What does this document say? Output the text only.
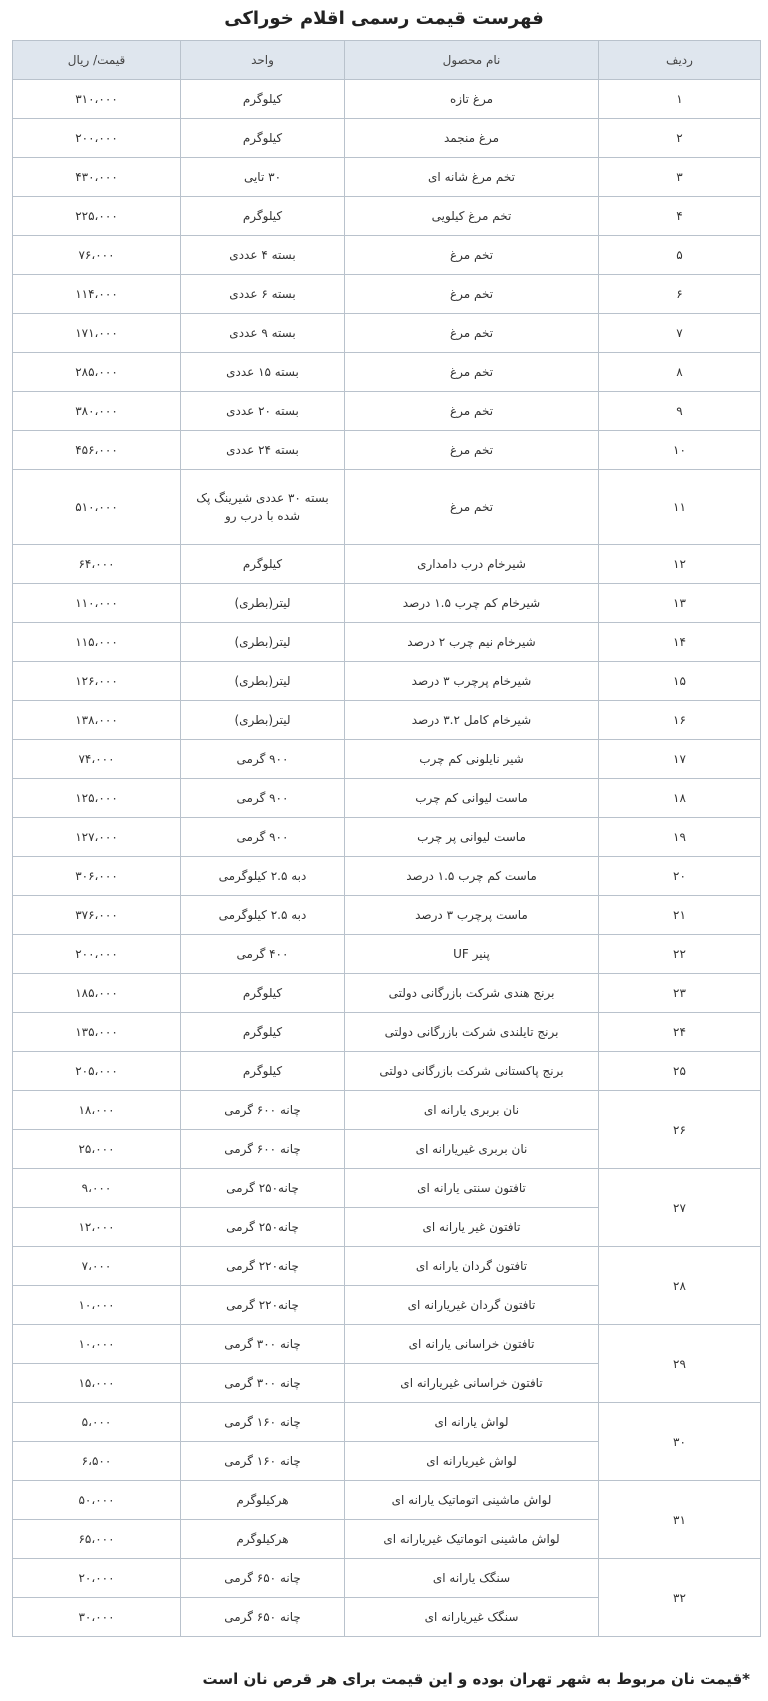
فهرست قیمت رسمی اقلام خوراکی
ردیف	نام محصول	واحد	قیمت/ ریال
۱	مرغ تازه	کیلوگرم	۳۱۰،۰۰۰
۲	مرغ منجمد	کیلوگرم	۲۰۰،۰۰۰
۳	تخم مرغ شانه ای	۳۰ تایی	۴۳۰،۰۰۰
۴	تخم مرغ کیلویی	کیلوگرم	۲۲۵،۰۰۰
۵	تخم مرغ	بسته ۴ عددی	۷۶،۰۰۰
۶	تخم مرغ	بسته ۶ عددی	۱۱۴،۰۰۰
۷	تخم مرغ	بسته ۹ عددی	۱۷۱،۰۰۰
۸	تخم مرغ	بسته ۱۵ عددی	۲۸۵،۰۰۰
۹	تخم مرغ	بسته ۲۰ عددی	۳۸۰،۰۰۰
۱۰	تخم مرغ	بسته ۲۴ عددی	۴۵۶،۰۰۰
۱۱	تخم مرغ	بسته ۳۰ عددی شیرینگ پک شده با درب رو	۵۱۰،۰۰۰
۱۲	شیرخام درب دامداری	کیلوگرم	۶۴،۰۰۰
۱۳	شیرخام کم چرب ۱.۵ درصد	لیتر(بطری)	۱۱۰،۰۰۰
۱۴	شیرخام نیم چرب ۲ درصد	لیتر(بطری)	۱۱۵،۰۰۰
۱۵	شیرخام پرچرب ۳ درصد	لیتر(بطری)	۱۲۶،۰۰۰
۱۶	شیرخام کامل ۳.۲ درصد	لیتر(بطری)	۱۳۸،۰۰۰
۱۷	شیر نایلونی کم چرب	۹۰۰ گرمی	۷۴،۰۰۰
۱۸	ماست لیوانی کم چرب	۹۰۰ گرمی	۱۲۵،۰۰۰
۱۹	ماست لیوانی پر چرب	۹۰۰ گرمی	۱۲۷،۰۰۰
۲۰	ماست کم چرب ۱.۵ درصد	دبه ۲.۵ کیلوگرمی	۳۰۶،۰۰۰
۲۱	ماست پرچرب ۳ درصد	دبه ۲.۵ کیلوگرمی	۳۷۶،۰۰۰
۲۲	پنیر UF	۴۰۰ گرمی	۲۰۰،۰۰۰
۲۳	برنج هندی شرکت بازرگانی دولتی	کیلوگرم	۱۸۵،۰۰۰
۲۴	برنج تایلندی شرکت بازرگانی دولتی	کیلوگرم	۱۳۵،۰۰۰
۲۵	برنج پاکستانی شرکت بازرگانی دولتی	کیلوگرم	۲۰۵،۰۰۰
۲۶	نان بربری یارانه ای	چانه ۶۰۰ گرمی	۱۸،۰۰۰
	نان بربری غیریارانه ای	چانه ۶۰۰ گرمی	۲۵،۰۰۰
۲۷	تافتون سنتی یارانه ای	چانه۲۵۰ گرمی	۹،۰۰۰
	تافتون غیر یارانه ای	چانه۲۵۰ گرمی	۱۲،۰۰۰
۲۸	تافتون گردان یارانه ای	چانه۲۲۰ گرمی	۷،۰۰۰
	تافتون گردان غیریارانه ای	چانه۲۲۰ گرمی	۱۰،۰۰۰
۲۹	تافتون خراسانی یارانه ای	چانه ۳۰۰ گرمی	۱۰،۰۰۰
	تافتون خراسانی غیریارانه ای	چانه ۳۰۰ گرمی	۱۵،۰۰۰
۳۰	لواش یارانه ای	چانه ۱۶۰ گرمی	۵،۰۰۰
	لواش غیریارانه ای	چانه ۱۶۰ گرمی	۶،۵۰۰
۳۱	لواش ماشینی اتوماتیک یارانه ای	هرکیلوگرم	۵۰،۰۰۰
	لواش ماشینی اتوماتیک غیریارانه ای	هرکیلوگرم	۶۵،۰۰۰
۳۲	سنگک یارانه ای	چانه ۶۵۰ گرمی	۲۰،۰۰۰
	سنگک غیریارانه ای	چانه ۶۵۰ گرمی	۳۰،۰۰۰
*قیمت نان مربوط به شهر تهران بوده و این قیمت برای هر قرص نان است
